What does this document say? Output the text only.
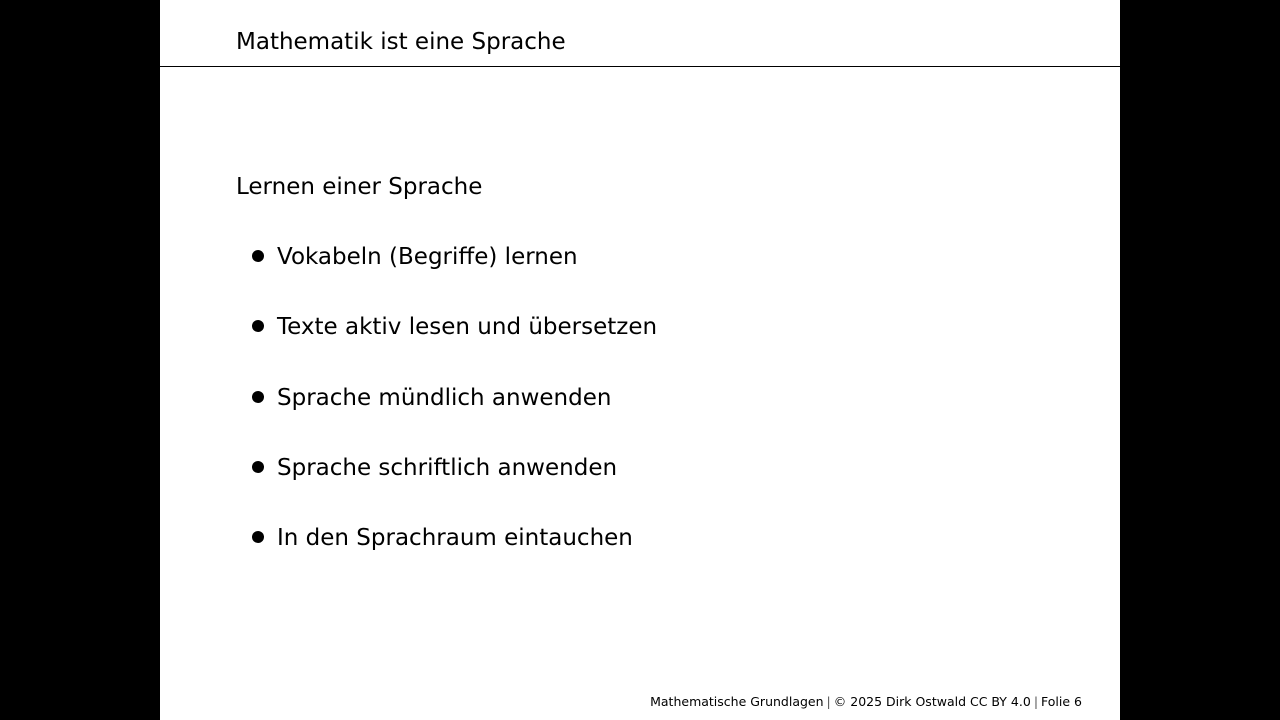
Mathematik ist eine Sprache
Lernen einer Sprache
Vokabeln (Begriffe) lernen
Texte aktiv lesen und übersetzen
Sprache mündlich anwenden
Sprache schriftlich anwenden
In den Sprachraum eintauchen
Mathematische Grundlagen | © 2025 Dirk Ostwald CC BY 4.0 | Folie 6
